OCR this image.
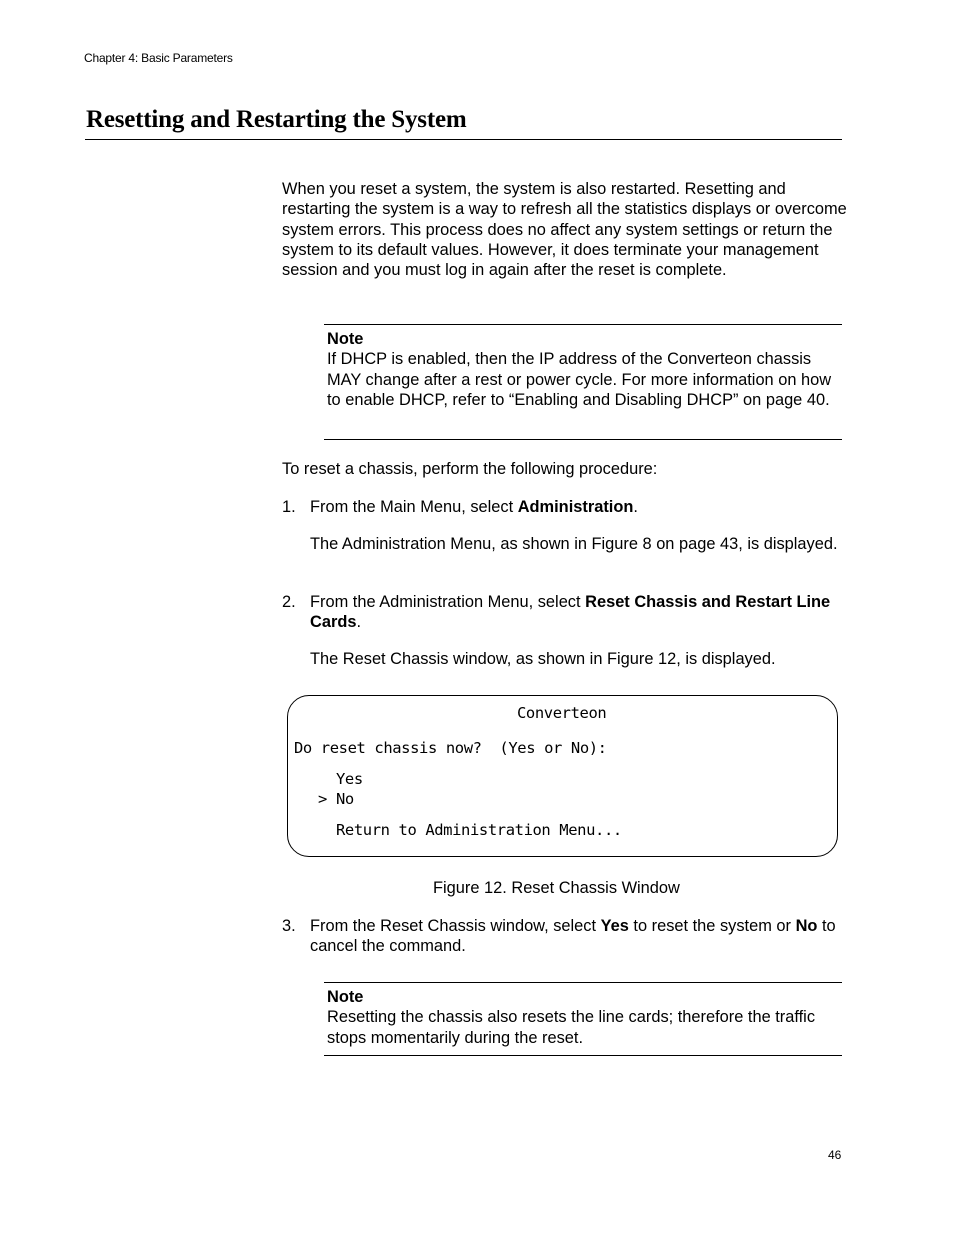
Chapter 4: Basic Parameters
Resetting and Restarting the System
When you reset a system, the system is also restarted. Resetting and restarting the system is a way to refresh all the statistics displays or overcome system errors. This process does no affect any system settings or return the system to its default values. However, it does terminate your management session and you must log in again after the reset is complete.
Note
If DHCP is enabled, then the IP address of the Converteon chassis MAY change after a rest or power cycle. For more information on how to enable DHCP, refer to “Enabling and Disabling DHCP” on page 40.
To reset a chassis, perform the following procedure:
1. From the Main Menu, select Administration.
The Administration Menu, as shown in Figure 8 on page 43, is displayed.
2. From the Administration Menu, select Reset Chassis and Restart Line Cards.
The Reset Chassis window, as shown in Figure 12, is displayed.
Converteon
Do reset chassis now?  (Yes or No):
Yes
> No
Return to Administration Menu...
Figure 12. Reset Chassis Window
3. From the Reset Chassis window, select Yes to reset the system or No to cancel the command.
Note
Resetting the chassis also resets the line cards; therefore the traffic stops momentarily during the reset.
46
